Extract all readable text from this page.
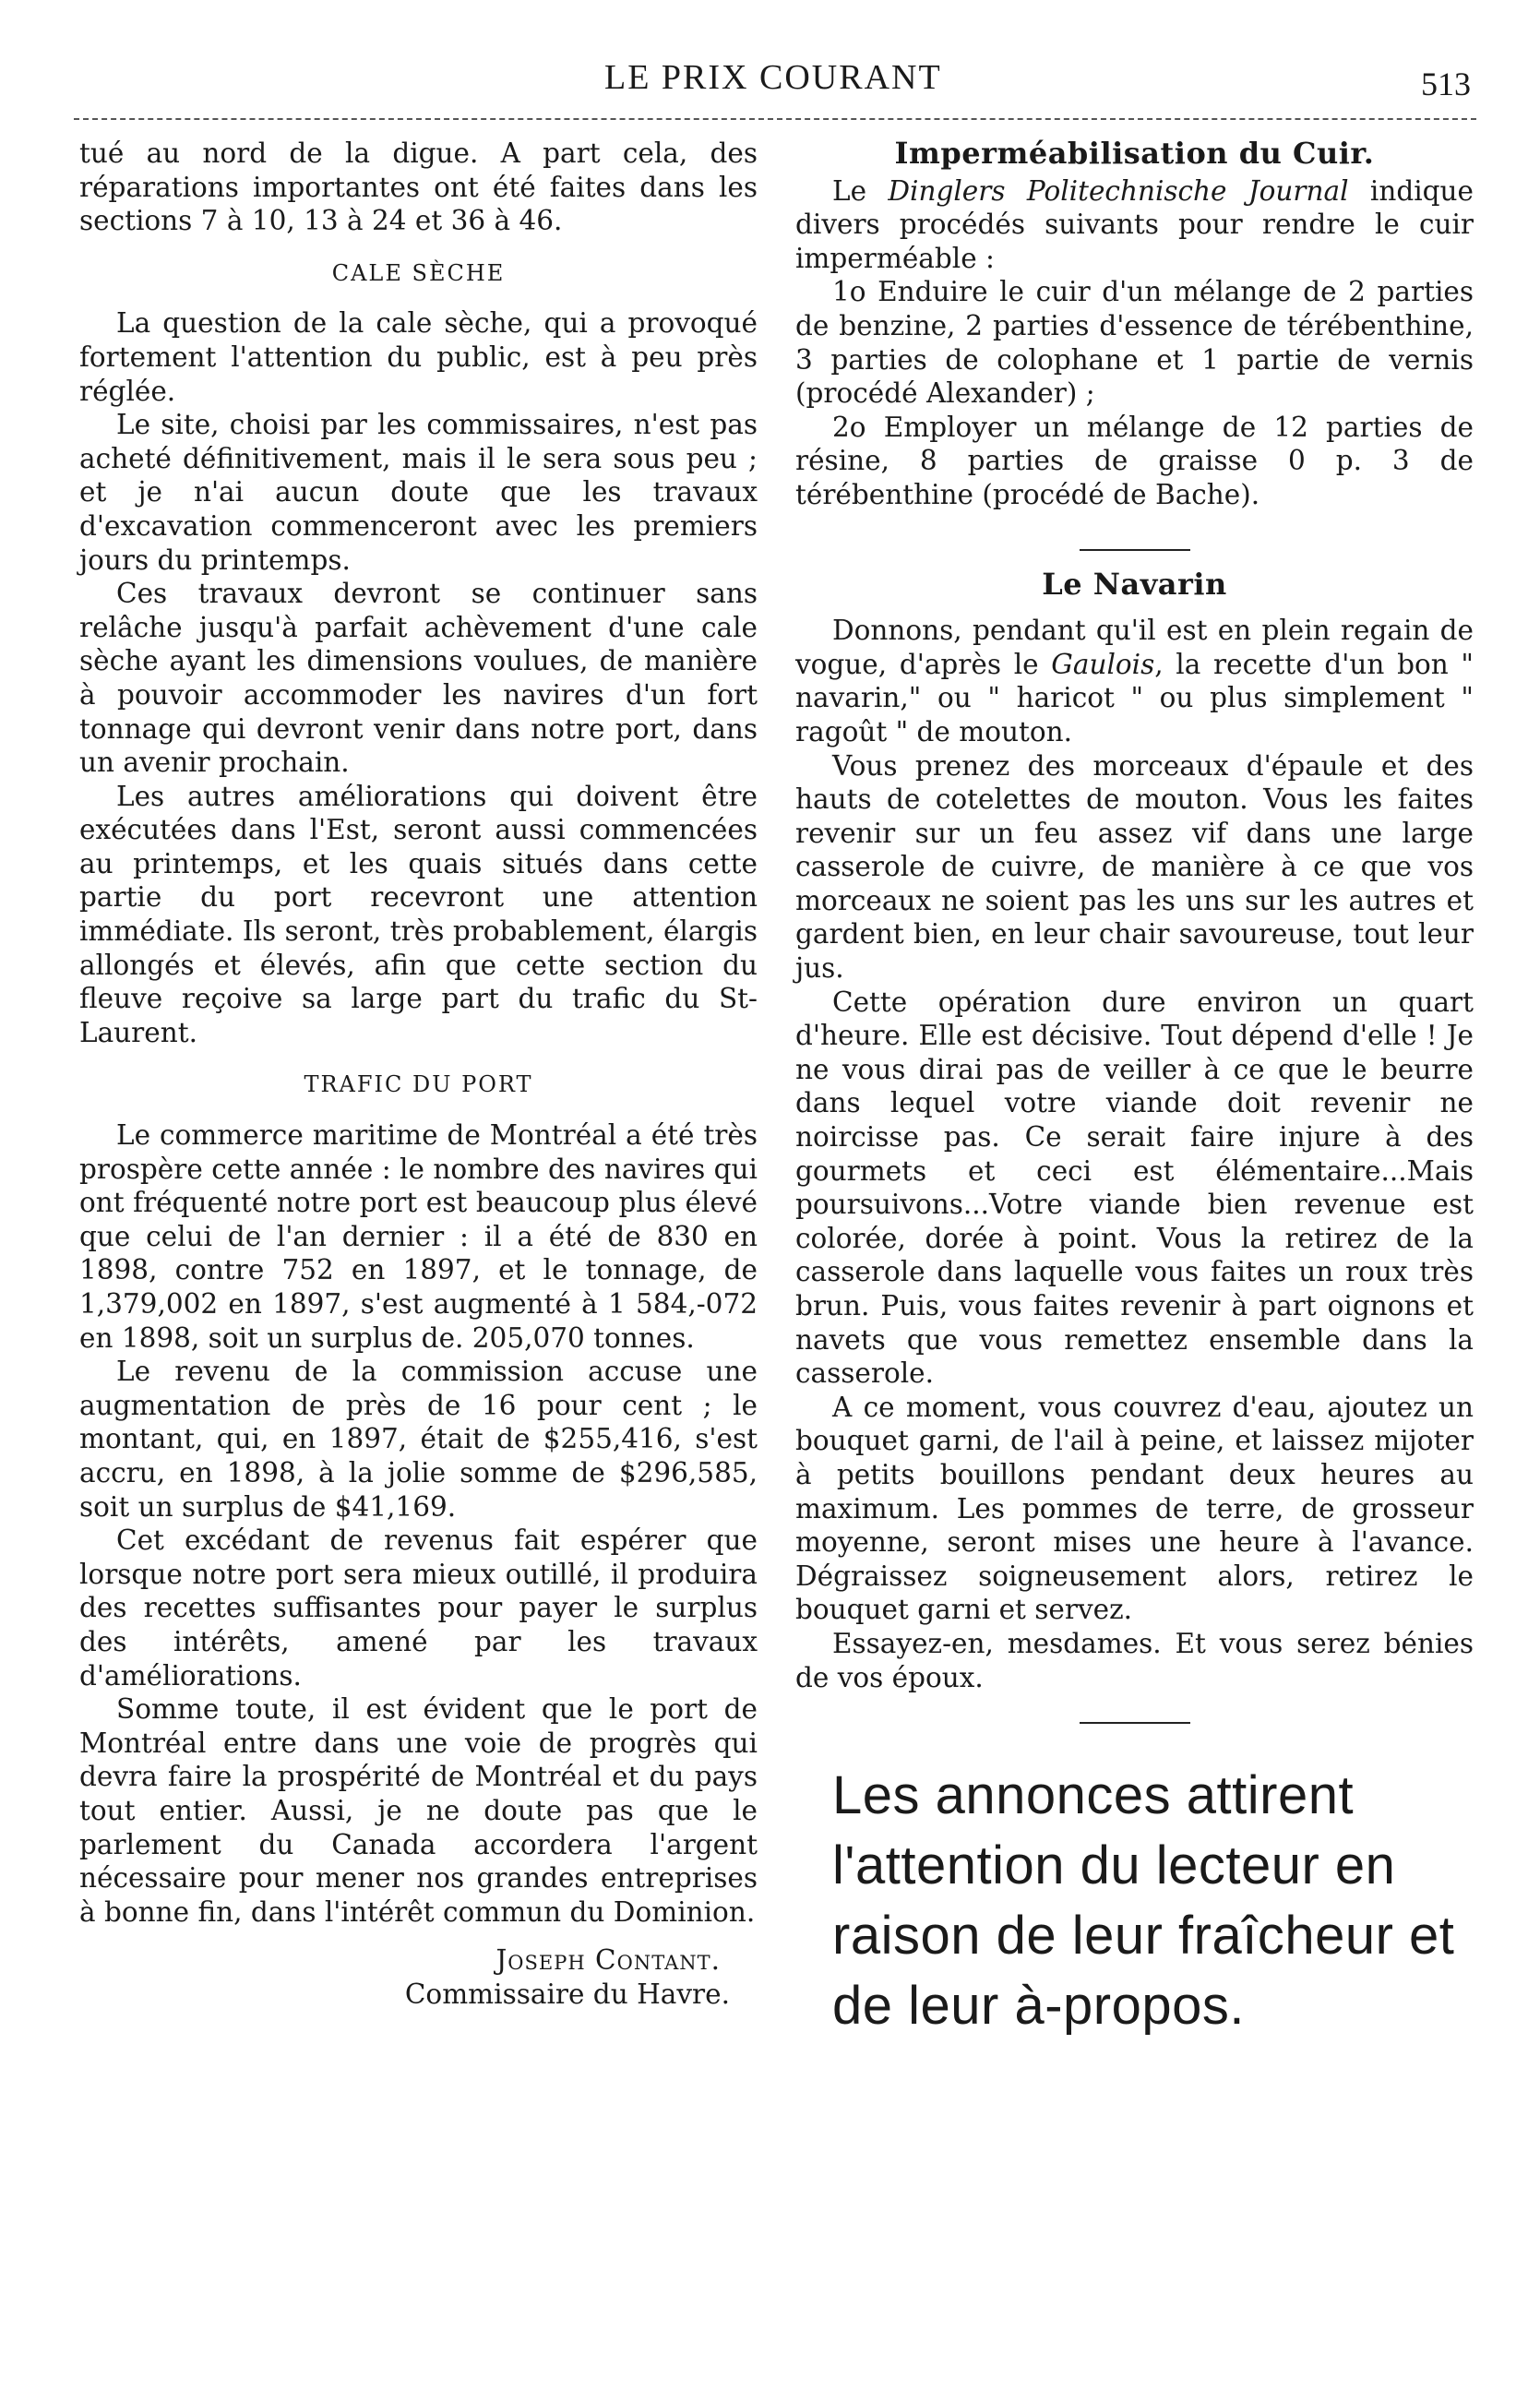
LE PRIX COURANT	513

tué au nord de la digue. A part cela, des réparations importantes ont été faites dans les sections 7 à 10, 13 à 24 et 36 à 46.

CALE SÈCHE

La question de la cale sèche, qui a provoqué fortement l'attention du public, est à peu près réglée.

Le site, choisi par les commissaires, n'est pas acheté définitivement, mais il le sera sous peu ; et je n'ai aucun doute que les travaux d'excavation commenceront avec les premiers jours du printemps.

Ces travaux devront se continuer sans relâche jusqu'à parfait achèvement d'une cale sèche ayant les dimensions voulues, de manière à pouvoir accommoder les navires d'un fort tonnage qui devront venir dans notre port, dans un avenir prochain.

Les autres améliorations qui doivent être exécutées dans l'Est, seront aussi commencées au printemps, et les quais situés dans cette partie du port recevront une attention immédiate. Ils seront, très probablement, élargis allongés et élevés, afin que cette section du fleuve reçoive sa large part du trafic du St-Laurent.

TRAFIC DU PORT

Le commerce maritime de Montréal a été très prospère cette année : le nombre des navires qui ont fréquenté notre port est beaucoup plus élevé que celui de l'an dernier : il a été de 830 en 1898, contre 752 en 1897, et le tonnage, de 1,379,002 en 1897, s'est augmenté à 1 584,-072 en 1898, soit un surplus de. 205,070 tonnes.

Le revenu de la commission accuse une augmentation de près de 16 pour cent ; le montant, qui, en 1897, était de $255,416, s'est accru, en 1898, à la jolie somme de $296,585, soit un surplus de $41,169.

Cet excédant de revenus fait espérer que lorsque notre port sera mieux outillé, il produira des recettes suffisantes pour payer le surplus des intérêts, amené par les travaux d'améliorations.

Somme toute, il est évident que le port de Montréal entre dans une voie de progrès qui devra faire la prospérité de Montréal et du pays tout entier. Aussi, je ne doute pas que le parlement du Canada accordera l'argent nécessaire pour mener nos grandes entreprises à bonne fin, dans l'intérêt commun du Dominion.

Joseph Contant.
Commissaire du Havre.
Imperméabilisation du Cuir.

Le Dinglers Politechnische Journal indique divers procédés suivants pour rendre le cuir imperméable :

1o Enduire le cuir d'un mélange de 2 parties de benzine, 2 parties d'essence de térébenthine, 3 parties de colophane et 1 partie de vernis (procédé Alexander) ;

2o Employer un mélange de 12 parties de résine, 8 parties de graisse 0 p. 3 de térébenthine (procédé de Bache).

Le Navarin

Donnons, pendant qu'il est en plein regain de vogue, d'après le Gaulois, la recette d'un bon " navarin," ou " haricot " ou plus simplement " ragoût " de mouton.

Vous prenez des morceaux d'épaule et des hauts de cotelettes de mouton. Vous les faites revenir sur un feu assez vif dans une large casserole de cuivre, de manière à ce que vos morceaux ne soient pas les uns sur les autres et gardent bien, en leur chair savoureuse, tout leur jus.

Cette opération dure environ un quart d'heure. Elle est décisive. Tout dépend d'elle ! Je ne vous dirai pas de veiller à ce que le beurre dans lequel votre viande doit revenir ne noircisse pas. Ce serait faire injure à des gourmets et ceci est élémentaire...Mais poursuivons...Votre viande bien revenue est colorée, dorée à point. Vous la retirez de la casserole dans laquelle vous faites un roux très brun. Puis, vous faites revenir à part oignons et navets que vous remettez ensemble dans la casserole.

A ce moment, vous couvrez d'eau, ajoutez un bouquet garni, de l'ail à peine, et laissez mijoter à petits bouillons pendant deux heures au maximum. Les pommes de terre, de grosseur moyenne, seront mises une heure à l'avance. Dégraissez soigneusement alors, retirez le bouquet garni et servez.

Essayez-en, mesdames. Et vous serez bénies de vos époux.

Les annonces attirent l'attention du lecteur en raison de leur fraîcheur et de leur à-propos.
